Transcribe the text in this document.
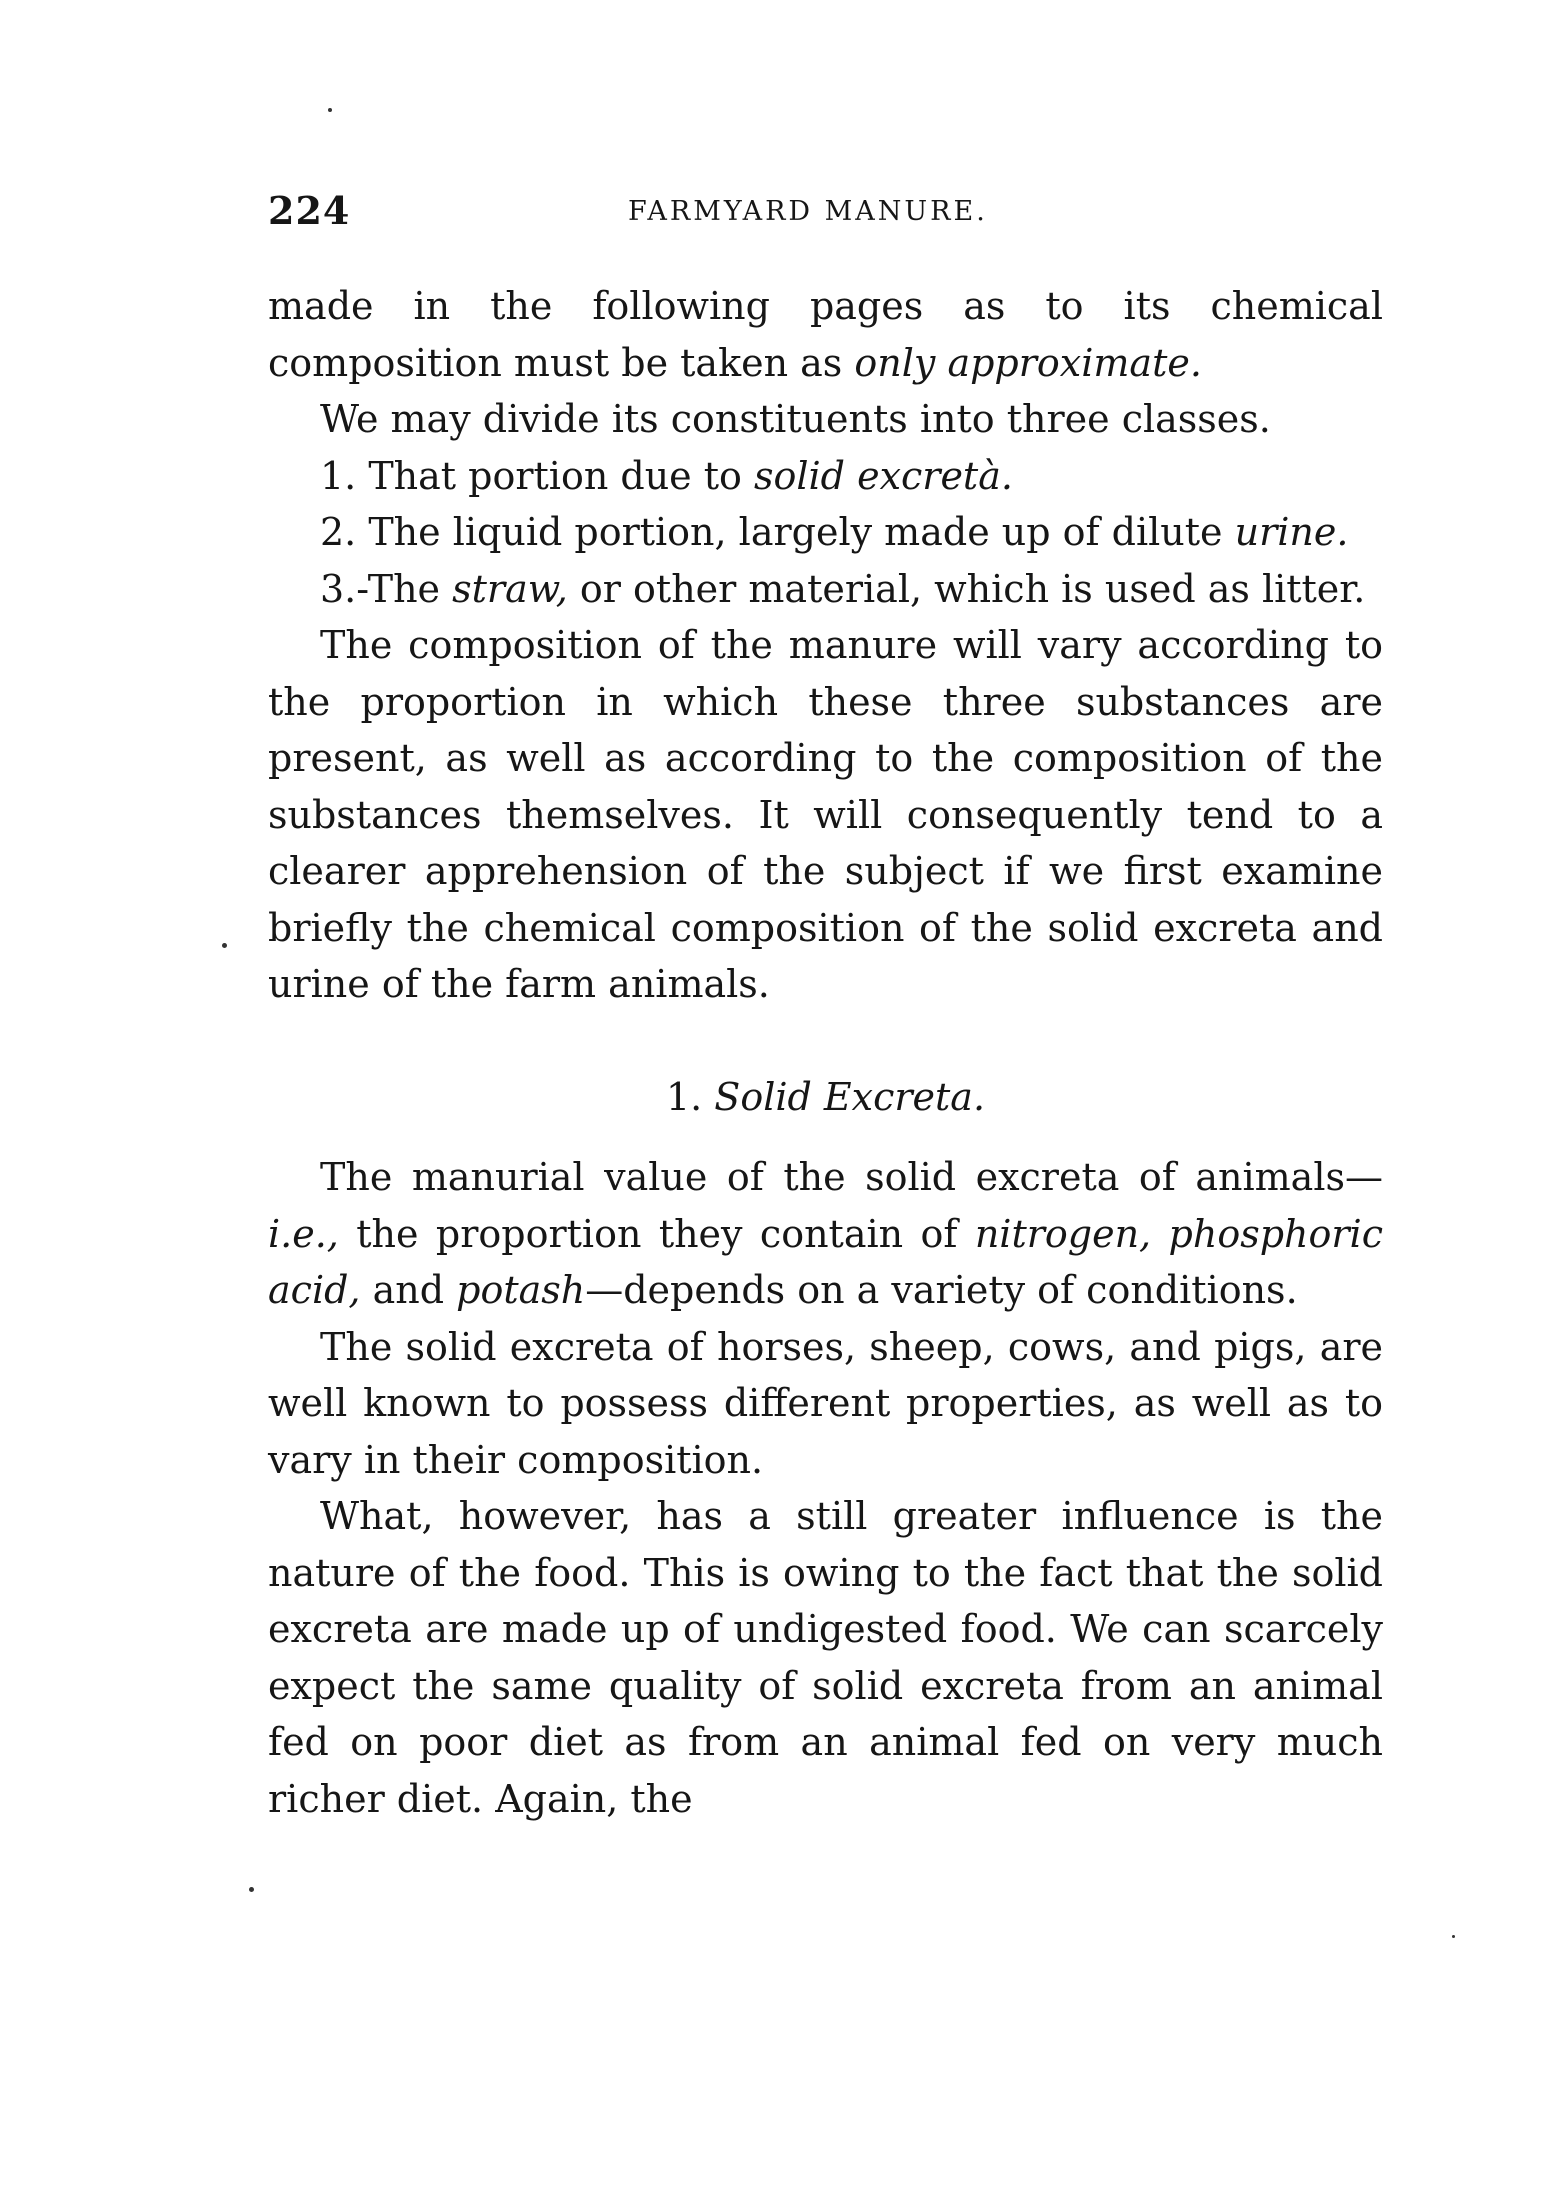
224	FARMYARD MANURE.

made in the following pages as to its chemical composition must be taken as only approximate.

We may divide its constituents into three classes.

1. That portion due to solid excretà.

2. The liquid portion, largely made up of dilute urine.

3.-The straw, or other material, which is used as litter.

The composition of the manure will vary according to the proportion in which these three substances are present, as well as according to the composition of the substances themselves. It will consequently tend to a clearer apprehension of the subject if we first examine briefly the chemical composition of the solid excreta and urine of the farm animals.

1. Solid Excreta.

The manurial value of the solid excreta of animals—i.e., the proportion they contain of nitrogen, phosphoric acid, and potash—depends on a variety of conditions.

The solid excreta of horses, sheep, cows, and pigs, are well known to possess different properties, as well as to vary in their composition.

What, however, has a still greater influence is the nature of the food. This is owing to the fact that the solid excreta are made up of undigested food. We can scarcely expect the same quality of solid excreta from an animal fed on poor diet as from an animal fed on very much richer diet. Again, the
